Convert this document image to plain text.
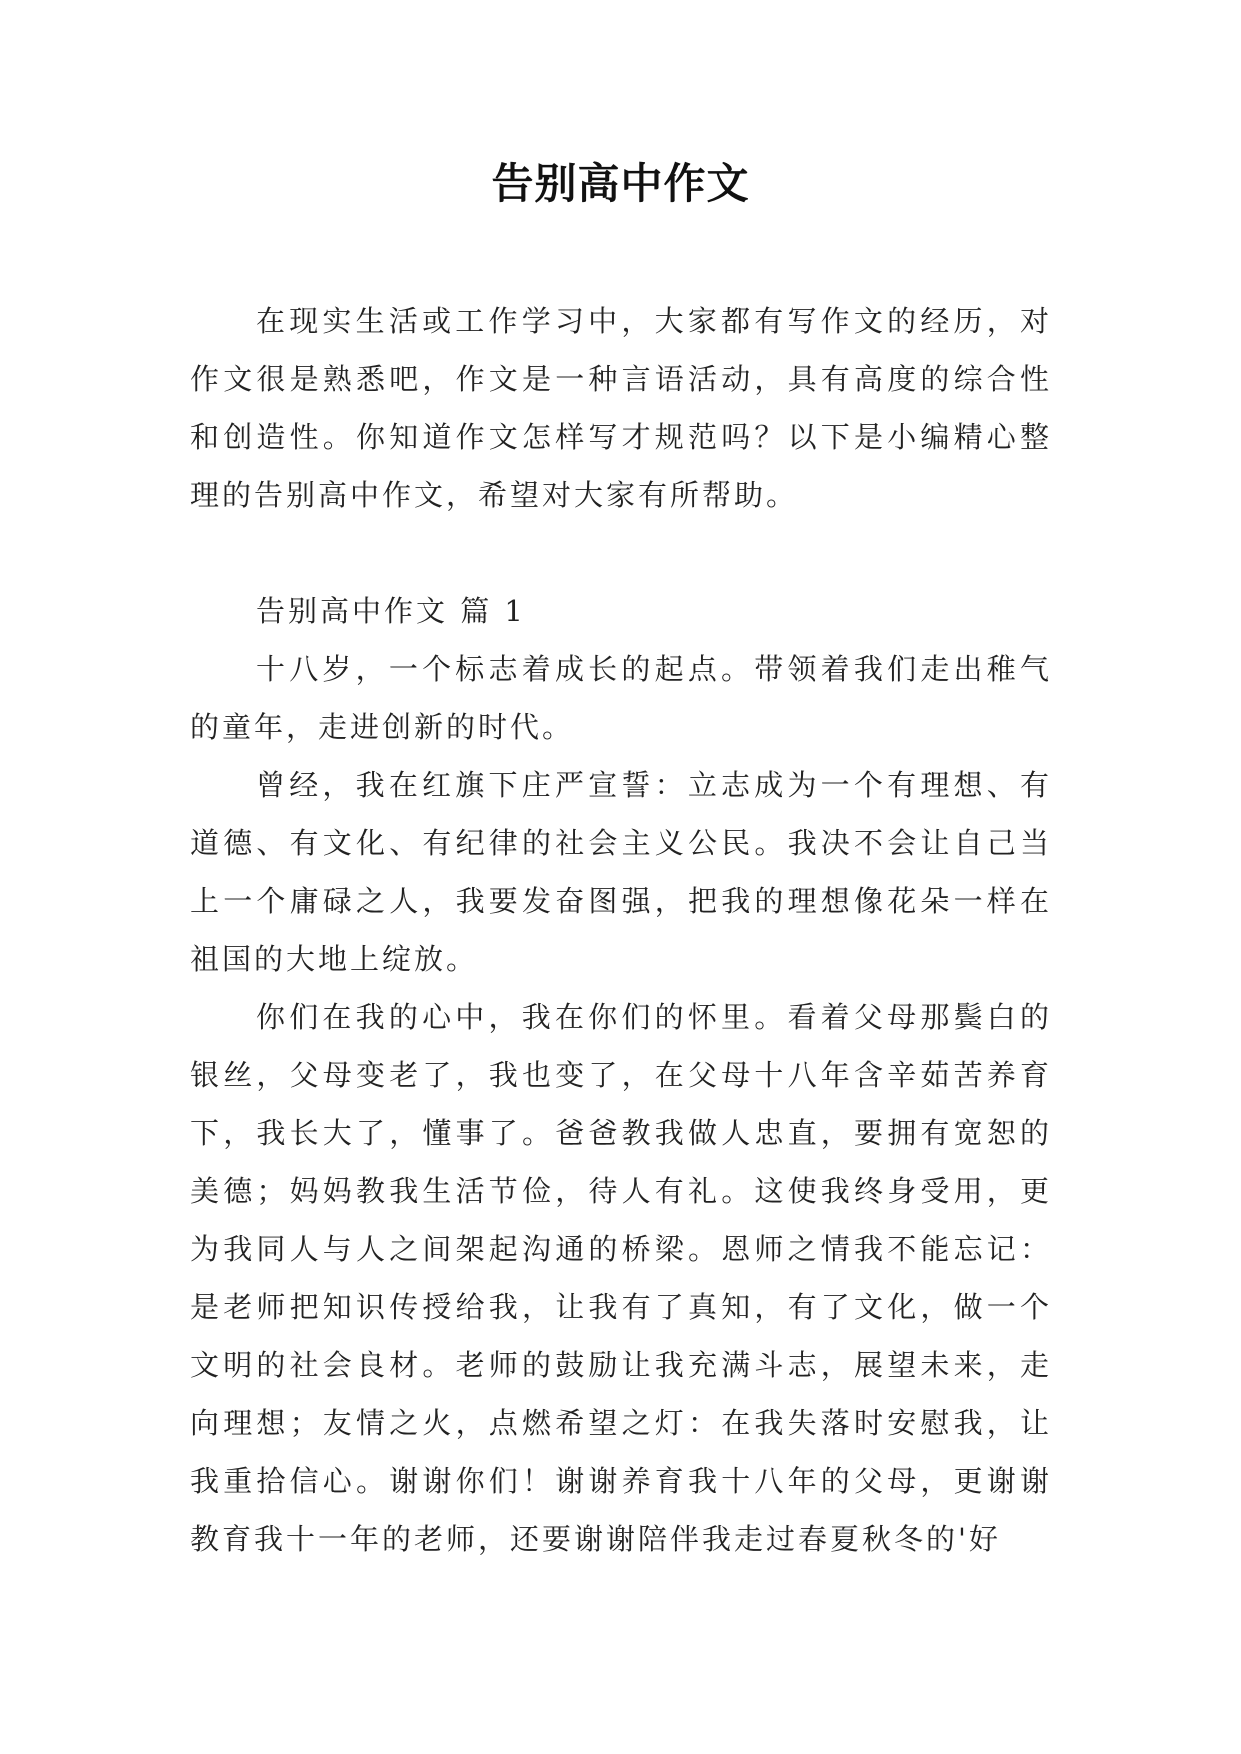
告别高中作文

在现实生活或工作学习中，大家都有写作文的经历，对作文很是熟悉吧，作文是一种言语活动，具有高度的综合性和创造性。你知道作文怎样写才规范吗？以下是小编精心整理的告别高中作文，希望对大家有所帮助。

告别高中作文 篇 1

十八岁，一个标志着成长的起点。带领着我们走出稚气的童年，走进创新的时代。

曾经，我在红旗下庄严宣誓：立志成为一个有理想、有道德、有文化、有纪律的社会主义公民。我决不会让自己当上一个庸碌之人，我要发奋图强，把我的理想像花朵一样在祖国的大地上绽放。

你们在我的心中，我在你们的怀里。看着父母那鬓白的银丝，父母变老了，我也变了，在父母十八年含辛茹苦养育下，我长大了，懂事了。爸爸教我做人忠直，要拥有宽恕的美德；妈妈教我生活节俭，待人有礼。这使我终身受用，更为我同人与人之间架起沟通的桥梁。恩师之情我不能忘记：是老师把知识传授给我，让我有了真知，有了文化，做一个文明的社会良材。老师的鼓励让我充满斗志，展望未来，走向理想；友情之火，点燃希望之灯：在我失落时安慰我，让我重拾信心。谢谢你们！谢谢养育我十八年的父母，更谢谢教育我十一年的老师，还要谢谢陪伴我走过春夏秋冬的'好
